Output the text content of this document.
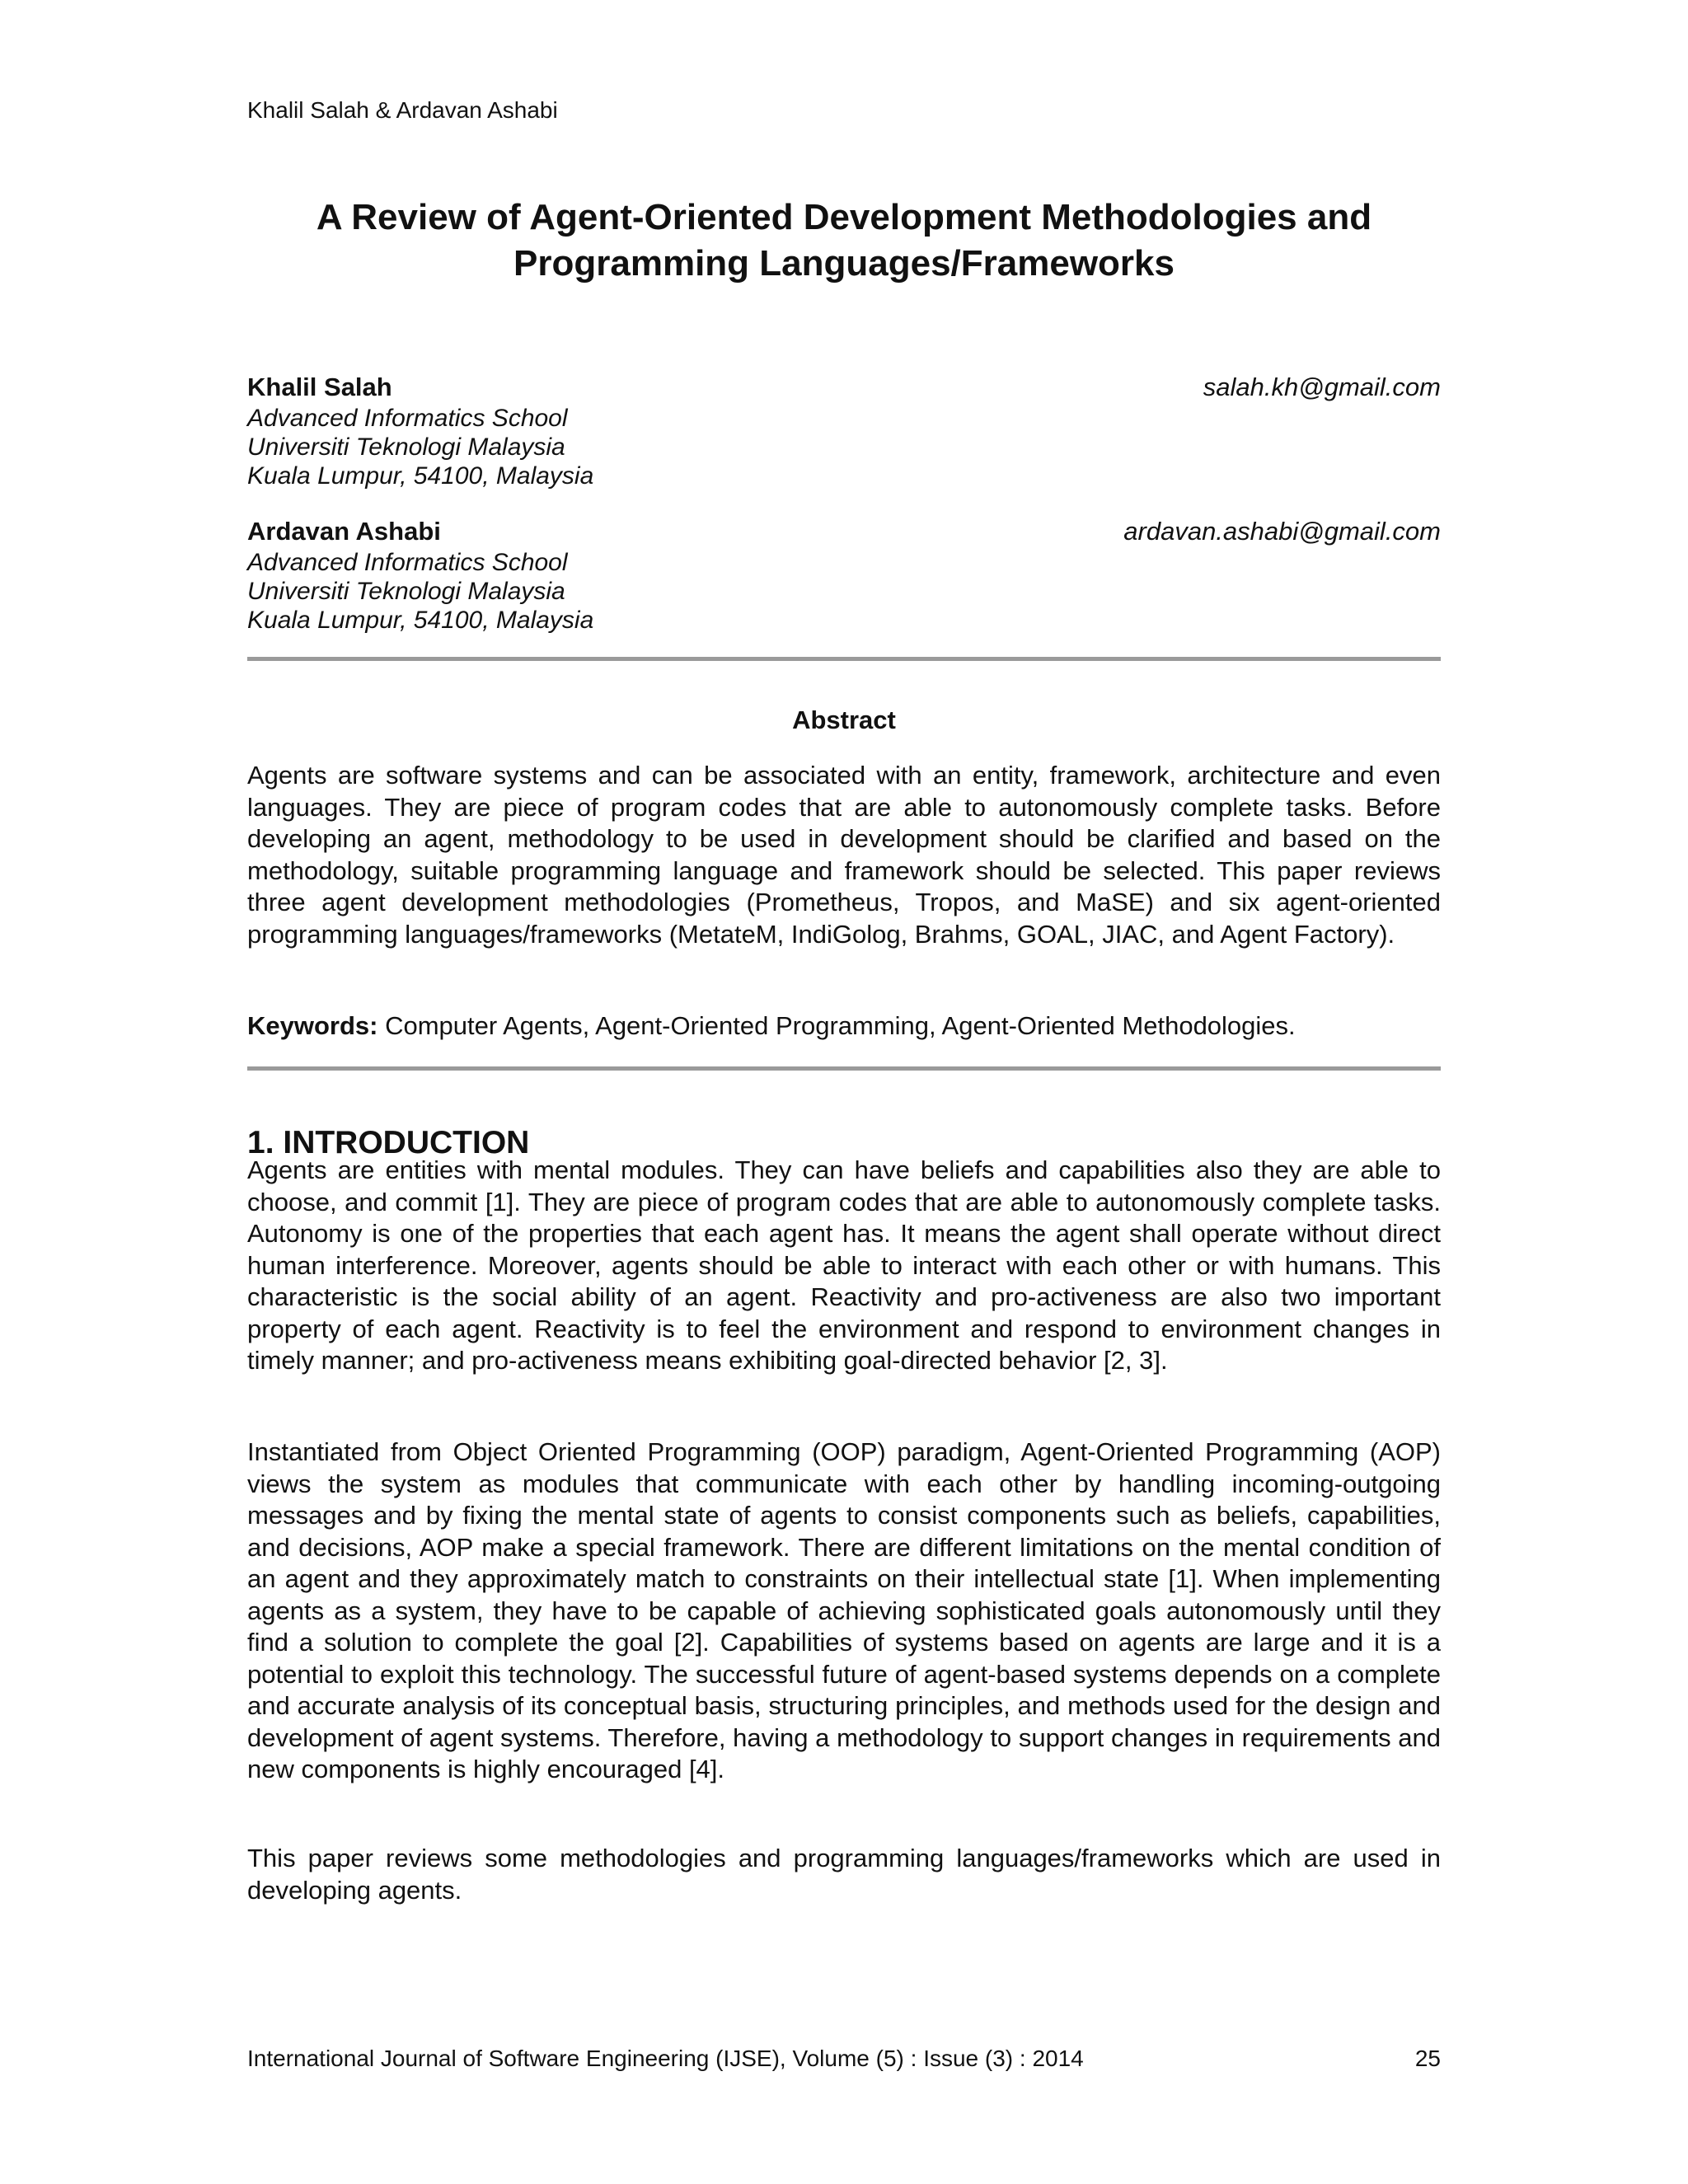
Khalil Salah & Ardavan Ashabi
A Review of Agent-Oriented Development Methodologies and Programming Languages/Frameworks
Khalil Salah	salah.kh@gmail.com
Advanced Informatics School
Universiti Teknologi Malaysia
Kuala Lumpur, 54100, Malaysia
Ardavan Ashabi	ardavan.ashabi@gmail.com
Advanced Informatics School
Universiti Teknologi Malaysia
Kuala Lumpur, 54100, Malaysia
Abstract
Agents are software systems and can be associated with an entity, framework, architecture and even languages. They are piece of program codes that are able to autonomously complete tasks. Before developing an agent, methodology to be used in development should be clarified and based on the methodology, suitable programming language and framework should be selected. This paper reviews three agent development methodologies (Prometheus, Tropos, and MaSE) and six agent-oriented programming languages/frameworks (MetateM, IndiGolog, Brahms, GOAL, JIAC, and Agent Factory).
Keywords: Computer Agents, Agent-Oriented Programming, Agent-Oriented Methodologies.
1. INTRODUCTION
Agents are entities with mental modules. They can have beliefs and capabilities also they are able to choose, and commit [1]. They are piece of program codes that are able to autonomously complete tasks. Autonomy is one of the properties that each agent has. It means the agent shall operate without direct human interference. Moreover, agents should be able to interact with each other or with humans. This characteristic is the social ability of an agent. Reactivity and pro-activeness are also two important property of each agent. Reactivity is to feel the environment and respond to environment changes in timely manner; and pro-activeness means exhibiting goal-directed behavior [2, 3].
Instantiated from Object Oriented Programming (OOP) paradigm, Agent-Oriented Programming (AOP) views the system as modules that communicate with each other by handling incoming-outgoing messages and by fixing the mental state of agents to consist components such as beliefs, capabilities, and decisions, AOP make a special framework. There are different limitations on the mental condition of an agent and they approximately match to constraints on their intellectual state [1]. When implementing agents as a system, they have to be capable of achieving sophisticated goals autonomously until they find a solution to complete the goal [2]. Capabilities of systems based on agents are large and it is a potential to exploit this technology. The successful future of agent-based systems depends on a complete and accurate analysis of its conceptual basis, structuring principles, and methods used for the design and development of agent systems. Therefore, having a methodology to support changes in requirements and new components is highly encouraged [4].
This paper reviews some methodologies and programming languages/frameworks which are used in developing agents.
International Journal of Software Engineering (IJSE), Volume (5) : Issue (3) : 2014	25
